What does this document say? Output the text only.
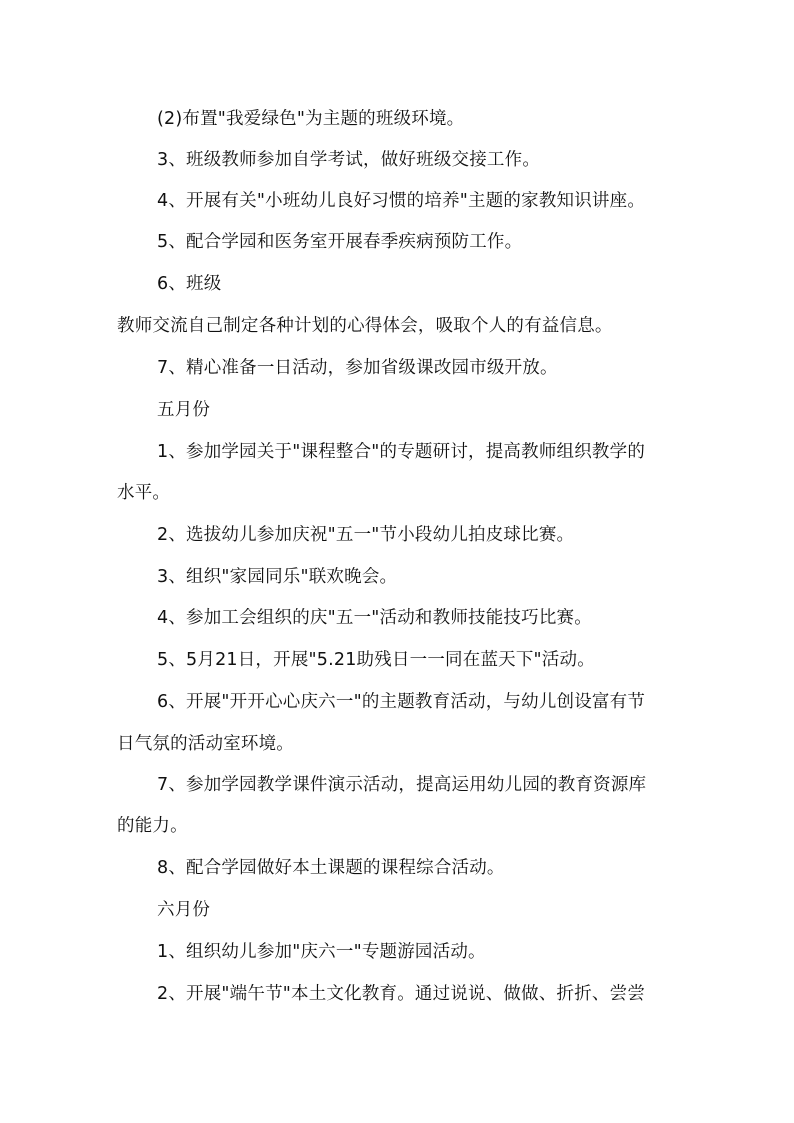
(2)布置"我爱绿色"为主题的班级环境。
3、班级教师参加自学考试，做好班级交接工作。
4、开展有关"小班幼儿良好习惯的培养"主题的家教知识讲座。
5、配合学园和医务室开展春季疾病预防工作。
6、班级
教师交流自己制定各种计划的心得体会，吸取个人的有益信息。
7、精心准备一日活动，参加省级课改园市级开放。
五月份
1、参加学园关于"课程整合"的专题研讨，提高教师组织教学的
水平。
2、选拔幼儿参加庆祝"五一"节小段幼儿拍皮球比赛。
3、组织"家园同乐"联欢晚会。
4、参加工会组织的庆"五一"活动和教师技能技巧比赛。
5、5月21日，开展"5.21助残日一一同在蓝天下"活动。
6、开展"开开心心庆六一"的主题教育活动，与幼儿创设富有节
日气氛的活动室环境。
7、参加学园教学课件演示活动，提高运用幼儿园的教育资源库
的能力。
8、配合学园做好本土课题的课程综合活动。
六月份
1、组织幼儿参加"庆六一"专题游园活动。
2、开展"端午节"本土文化教育。通过说说、做做、折折、尝尝
